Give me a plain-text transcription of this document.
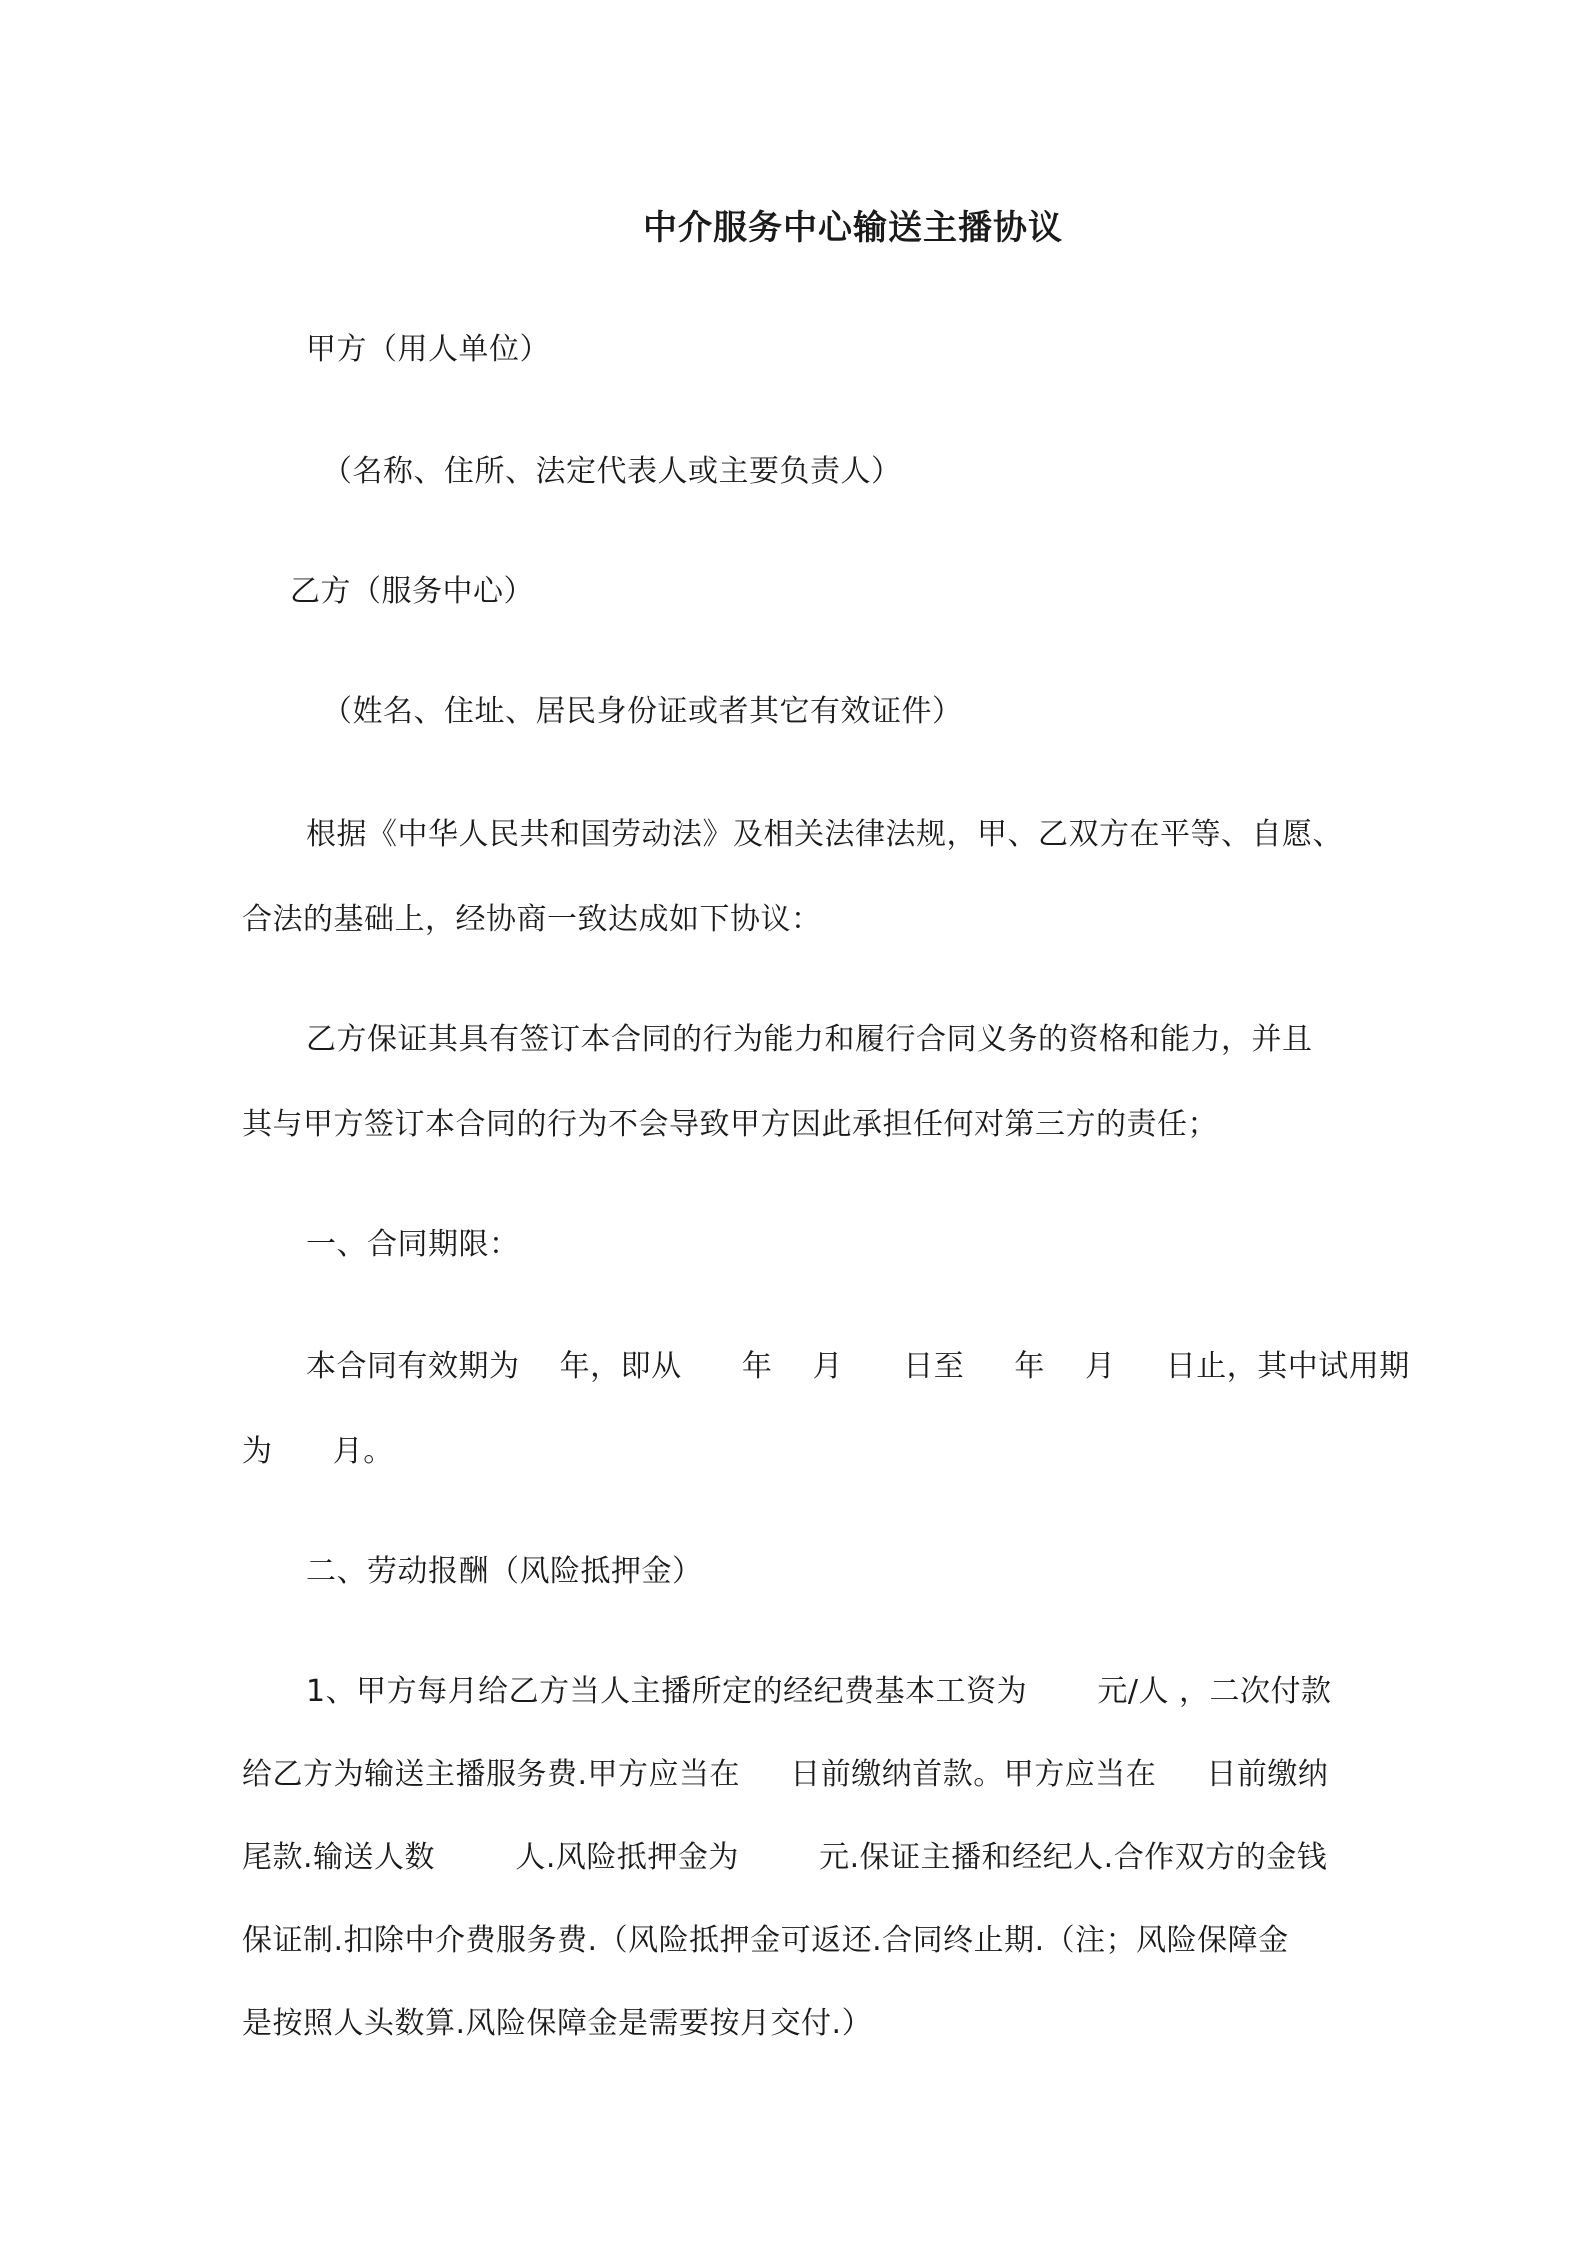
中介服务中心输送主播协议
甲方（用人单位）
（名称、住所、法定代表人或主要负责人）
乙方（服务中心）
（姓名、住址、居民身份证或者其它有效证件）
根据《中华人民共和国劳动法》及相关法律法规，甲、乙双方在平等、自愿、
合法的基础上，经协商一致达成如下协议：
乙方保证其具有签订本合同的行为能力和履行合同义务的资格和能力，并且
其与甲方签订本合同的行为不会导致甲方因此承担任何对第三方的责任；
一、合同期限：
本合同有效期为    年，即从      年    月      日至     年    月     日止，其中试用期
为      月。
二、劳动报酬（风险抵押金）
1、甲方每月给乙方当人主播所定的经纪费基本工资为       元/人 ，二次付款
给乙方为输送主播服务费.甲方应当在     日前缴纳首款。甲方应当在     日前缴纳
尾款.输送人数        人.风险抵押金为        元.保证主播和经纪人.合作双方的金钱
保证制.扣除中介费服务费.（风险抵押金可返还.合同终止期.（注；风险保障金
是按照人头数算.风险保障金是需要按月交付.）
